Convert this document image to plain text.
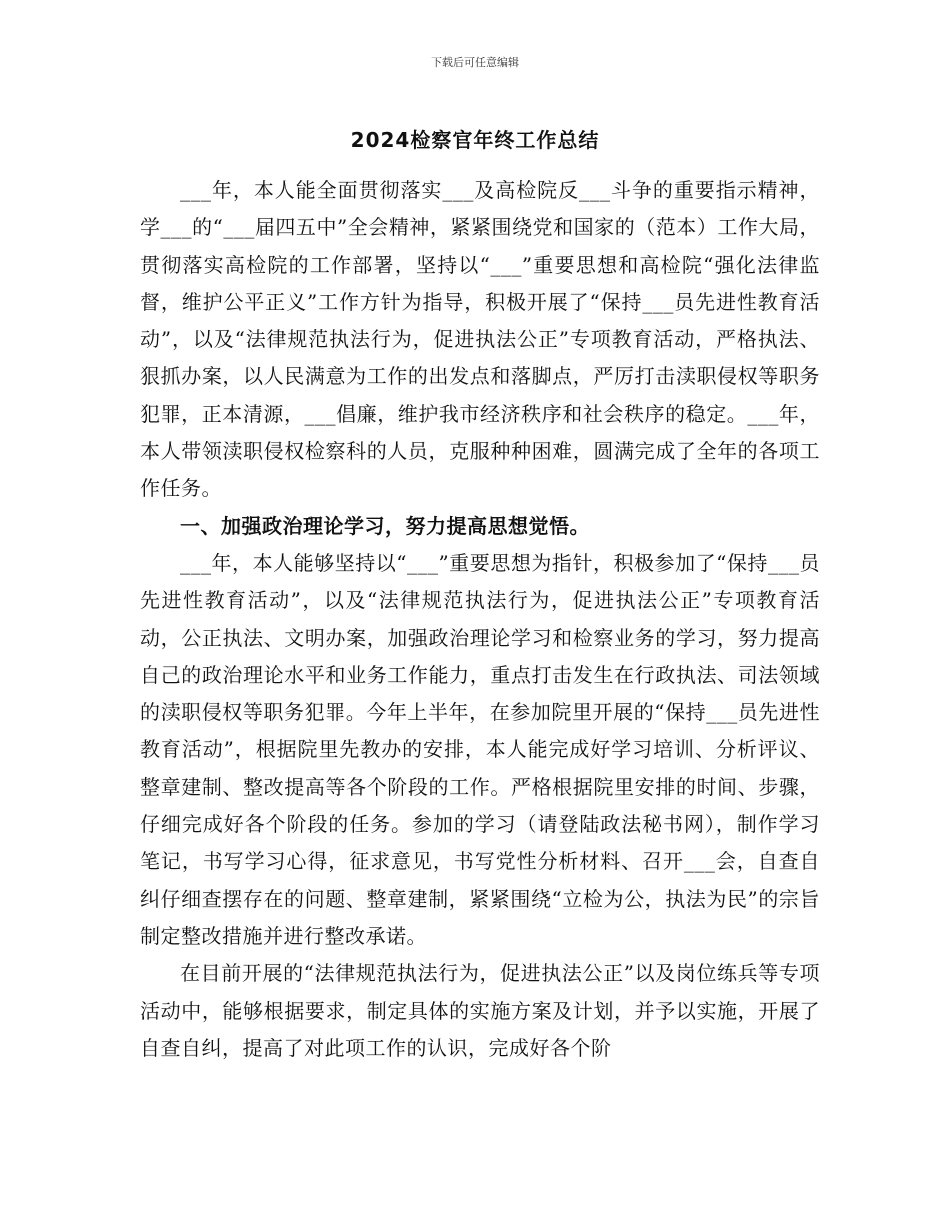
下载后可任意编辑
2024检察官年终工作总结

___年，本人能全面贯彻落实___及高检院反___斗争的重要指示精神，学___的“___届四五中”全会精神，紧紧围绕党和国家的（范本）工作大局，贯彻落实高检院的工作部署，坚持以“___”重要思想和高检院“强化法律监督，维护公平正义”工作方针为指导，积极开展了“保持___员先进性教育活动”，以及“法律规范执法行为，促进执法公正”专项教育活动，严格执法、狠抓办案，以人民满意为工作的出发点和落脚点，严厉打击渎职侵权等职务犯罪，正本清源，___倡廉，维护我市经济秩序和社会秩序的稳定。___年，本人带领渎职侵权检察科的人员，克服种种困难，圆满完成了全年的各项工作任务。

一、加强政治理论学习，努力提高思想觉悟。

___年，本人能够坚持以“___”重要思想为指针，积极参加了“保持___员先进性教育活动”，以及“法律规范执法行为，促进执法公正”专项教育活动，公正执法、文明办案，加强政治理论学习和检察业务的学习，努力提高自己的政治理论水平和业务工作能力，重点打击发生在行政执法、司法领域的渎职侵权等职务犯罪。今年上半年，在参加院里开展的“保持___员先进性教育活动”，根据院里先教办的安排，本人能完成好学习培训、分析评议、整章建制、整改提高等各个阶段的工作。严格根据院里安排的时间、步骤，仔细完成好各个阶段的任务。参加的学习（请登陆政法秘书网），制作学习笔记，书写学习心得，征求意见，书写党性分析材料、召开___会，自查自纠仔细查摆存在的问题、整章建制，紧紧围绕“立检为公，执法为民”的宗旨制定整改措施并进行整改承诺。

在目前开展的“法律规范执法行为，促进执法公正”以及岗位练兵等专项活动中，能够根据要求，制定具体的实施方案及计划，并予以实施，开展了自查自纠，提高了对此项工作的认识，完成好各个阶
